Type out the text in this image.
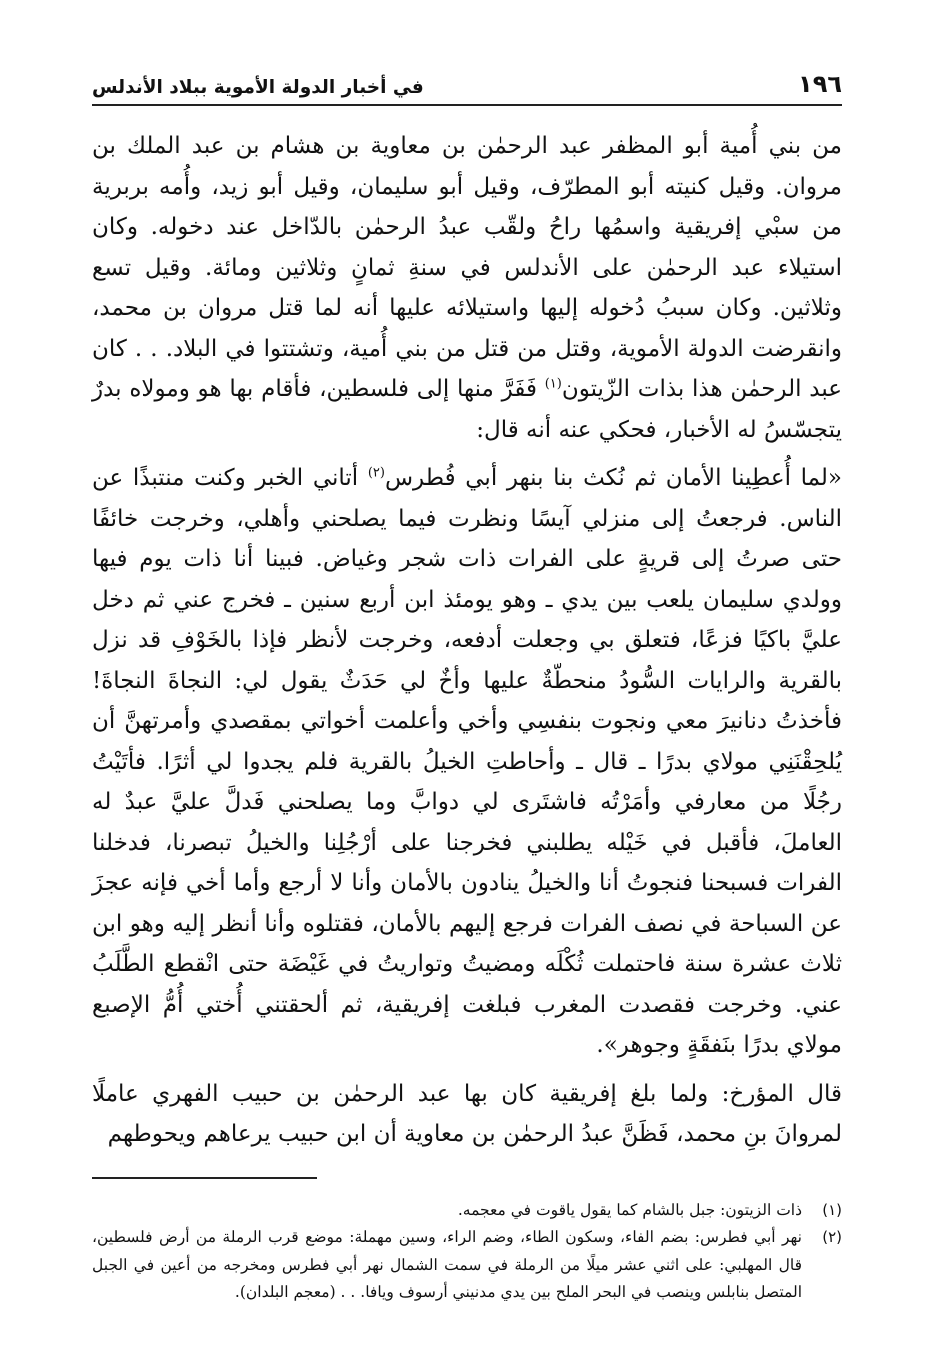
١٩٦
في أخبار الدولة الأموية ببلاد الأندلس

من بني أُمية أبو المظفر عبد الرحمٰن بن معاوية بن هشام بن عبد الملك بن مروان. وقيل كنيته أبو المطرّف، وقيل أبو سليمان، وقيل أبو زيد، وأُمه بربرية من سبْي إفريقية واسمُها راحُ ولقّب عبدُ الرحمٰن بالدّاخل عند دخوله. وكان استيلاء عبد الرحمٰن على الأندلس في سنةِ ثمانٍ وثلاثين ومائة. وقيل تسع وثلاثين. وكان سببُ دُخوله إليها واستيلائه عليها أنه لما قتل مروان بن محمد، وانقرضت الدولة الأموية، وقتل من قتل من بني أُمية، وتشتتوا في البلاد. . . كان عبد الرحمٰن هذا بذات الزّيتون$^{(١)}$ فَفَرَّ منها إلى فلسطين، فأقام بها هو ومولاه بدرٌ يتجسّسُ له الأخبار، فحكي عنه أنه قال:

«لما أُعطِينا الأمان ثم نُكث بنا بنهر أبي فُطرس$^{(٢)}$ أتاني الخبر وكنت منتبذًا عن الناس. فرجعتُ إلى منزلي آيسًا ونظرت فيما يصلحني وأهلي، وخرجت خائفًا حتى صرتُ إلى قريةٍ على الفرات ذات شجر وغياض. فبينا أنا ذات يوم فيها وولدي سليمان يلعب بين يدي ـ وهو يومئذ ابن أربع سنين ـ فخرج عني ثم دخل عليَّ باكيًا فزعًا، فتعلق بي وجعلت أدفعه، وخرجت لأنظر فإذا بالخَوْفِ قد نزل بالقرية والرايات السُّودُ منحطّةٌ عليها وأخٌ لي حَدَثٌ يقول لي: النجاةَ النجاةَ! فأخذتُ دنانيرَ معي ونجوت بنفسِي وأخي وأعلمت أخواتي بمقصدي وأمرتهنَّ أن يُلحِقْنَنِي مولاي بدرًا ـ قال ـ وأحاطتِ الخيلُ بالقرية فلم يجدوا لي أثرًا. فأتَيْتُ رجُلًا من معارفي وأمَرْتُه فاشتَرى لي دوابَّ وما يصلحني فَدلَّ عليَّ عبدٌ له العاملَ، فأقبل في خَيْله يطلبني فخرجنا على أرْجُلِنا والخيلُ تبصرنا، فدخلنا الفرات فسبحنا فنجوتُ أنا والخيلُ ينادون بالأمان وأنا لا أرجع وأما أخي فإنه عجزَ عن السباحة في نصف الفرات فرجع إليهم بالأمان، فقتلوه وأنا أنظر إليه وهو ابن ثلاث عشرة سنة فاحتملت ثُكْلَه ومضيتُ وتواريتُ في غَيْضَة حتى انْقطع الطَّلَبُ عني. وخرجت فقصدت المغرب فبلغت إفريقية، ثم ألحقتني أُختي أُمُّ الإصبع مولاي بدرًا بنَفقَةٍ وجوهر».

قال المؤرخ: ولما بلغ إفريقية كان بها عبد الرحمٰن بن حبيب الفهري عاملًا لمروانَ بنِ محمد، فَظَنَّ عبدُ الرحمٰن بن معاوية أن ابن حبيب يرعاهم ويحوطهم

(١)
ذات الزيتون: جبل بالشام كما يقول ياقوت في معجمه.

(٢)
نهر أبي فطرس: بضم الفاء، وسكون الطاء، وضم الراء، وسين مهملة: موضع قرب الرملة من أرض فلسطين، قال المهلبي: على اثني عشر ميلًا من الرملة في سمت الشمال نهر أبي فطرس ومخرجه من أعين في الجبل المتصل بنابلس وينصب في البحر الملح بين يدي مدنيني أرسوف ويافا. . . (معجم البلدان).
